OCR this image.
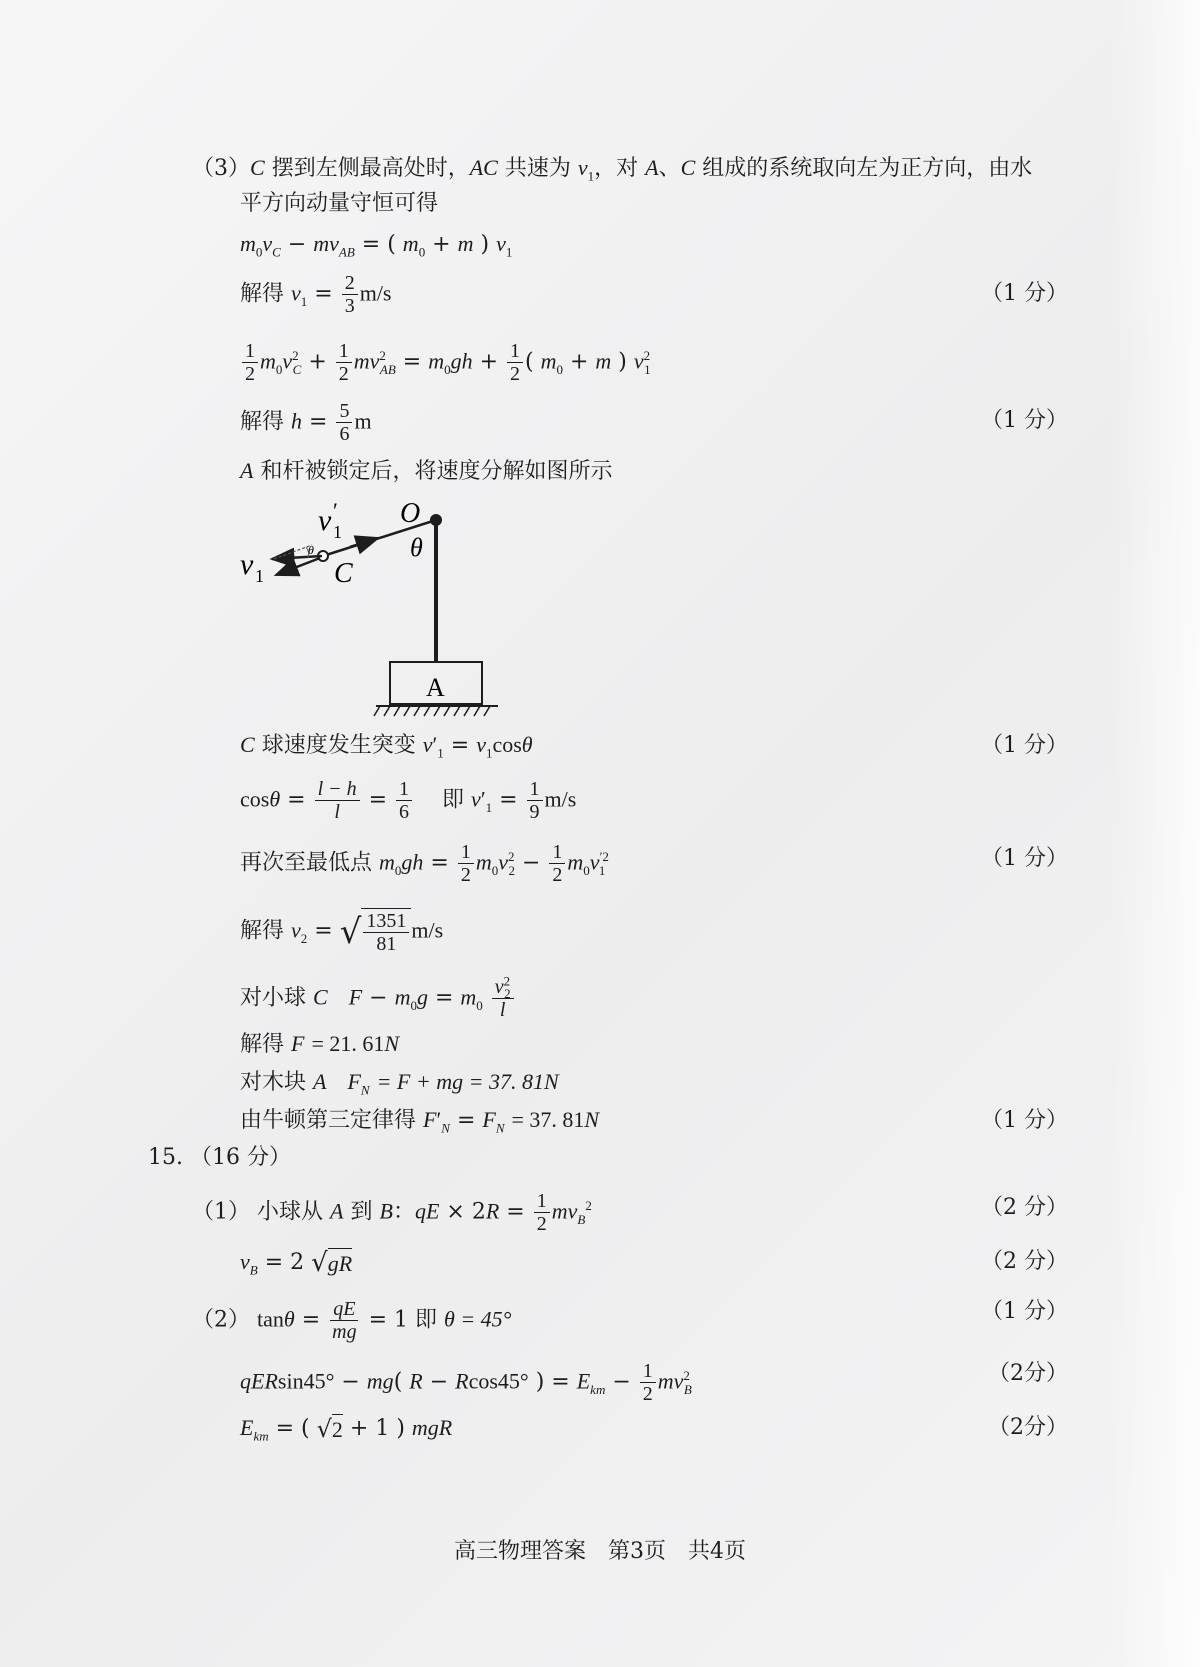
（3）C 摆到左侧最高处时，AC 共速为 $v_1$，对 A、C 组成的系统取向左为正方向，由水
平方向动量守恒可得
$m_0v_C - mv_{AB}$ = ( $m_0 + m$ ) $v_1$
解得 $v_1 = \frac{2}{3} m/s$	（1 分）
$\frac{1}{2} m_0v^2_C + \frac{1}{2} mv^2_{AB} = m_0gh + \frac{1}{2}$ ( $m_0 + m$ ) $v^2_1$
解得 $h = \frac{5}{6}$ m	（1 分）
A 和杆被锁定后，将速度分解如图所示
v 1
v ′
1
O
C
θ
θ
A
C 球速度发生突变 $v'_1 = v_1\cos\theta$	（1 分）
$\cos\theta = \frac{l - h}{l} = \frac{1}{6}$ 即 $v'_1 = \frac{1}{9} m/s$
再次至最低点 $m_0gh = \frac{1}{2} m_0v^2_2 - \frac{1}{2} m_0v^{'2}_1$	（1 分）
解得 $v_2$ = √ $\frac{1351}{81} m/s$
对小球 C $F - m_0g = m_0 \frac{v^2_2}{l}$
解得 F = 21. 61N
对木块 A $F_N = F$ + mg = 37. 81N
由牛顿第三定律得 $F'_N = F_N = 37$. 81N	（1 分）
15. （16 分）
（1） 小球从 A 到 B：qE × $2R = \frac{1}{2} mv_B^2$	（2 分）
$v_B = 2$ √ gR	（2 分）
（2） $\tan\theta = \frac{qE}{mg} = 1$ 即 θ = 45°	（1 分）
qERsin45° − mg( R − Rcos45° ) = $E_{km} - \frac{1}{2} mv^2_B$
（2分）
$E_{km}$ = ( √ 2 + 1 ) mgR	（2分）
高三物理答案　第3页　共4页
